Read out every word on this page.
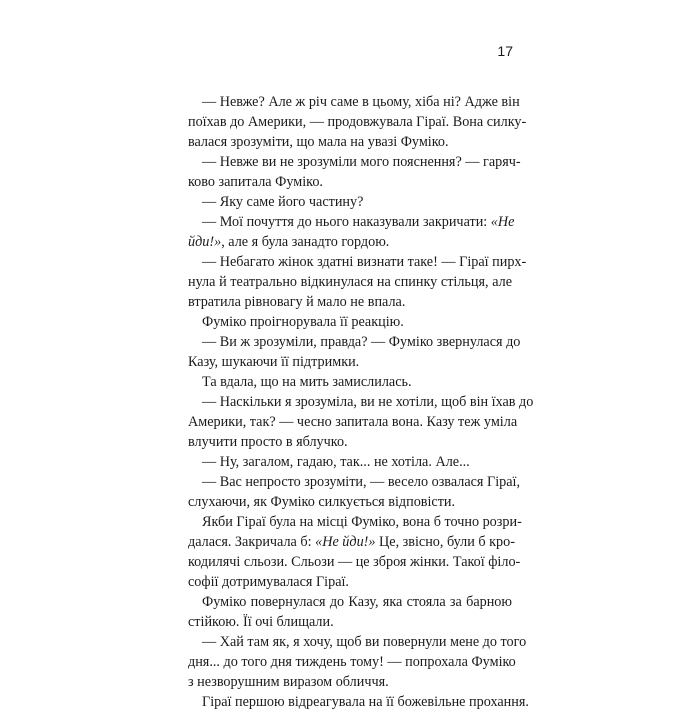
17
— Невже? Але ж річ саме в цьому, хіба ні? Адже він
поїхав до Америки, — продовжувала Гіраї. Вона силку-
валася зрозуміти, що мала на увазі Фуміко.
— Невже ви не зрозуміли мого пояснення? — гаряч-
ково запитала Фуміко.
— Яку саме його частину?
— Мої почуття до нього наказували закричати: «Не
йди!», але я була занадто гордою.
— Небагато жінок здатні визнати таке! — Гіраї пирх-
нула й театрально відкинулася на спинку стільця, але
втратила рівновагу й мало не впала.
Фуміко проігнорувала її реакцію.
— Ви ж зрозуміли, правда? — Фуміко звернулася до
Казу, шукаючи її підтримки.
Та вдала, що на мить замислилась.
— Наскільки я зрозуміла, ви не хотіли, щоб він їхав до
Америки, так? — чесно запитала вона. Казу теж уміла
влучити просто в яблучко.
— Ну, загалом, гадаю, так... не хотіла. Але...
— Вас непросто зрозуміти, — весело озвалася Гіраї,
слухаючи, як Фуміко силкується відповісти.
Якби Гіраї була на місці Фуміко, вона б точно розри-
далася. Закричала б: «Не йди!» Це, звісно, були б кро-
кодилячі сльози. Сльози — це зброя жінки. Такої філо-
софії дотримувалася Гіраї.
Фуміко повернулася до Казу, яка стояла за барною
стійкою. Її очі блищали.
— Хай там як, я хочу, щоб ви повернули мене до того
дня... до того дня тиждень тому! — попрохала Фуміко
з незворушним виразом обличчя.
Гіраї першою відреагувала на її божевільне прохання.
